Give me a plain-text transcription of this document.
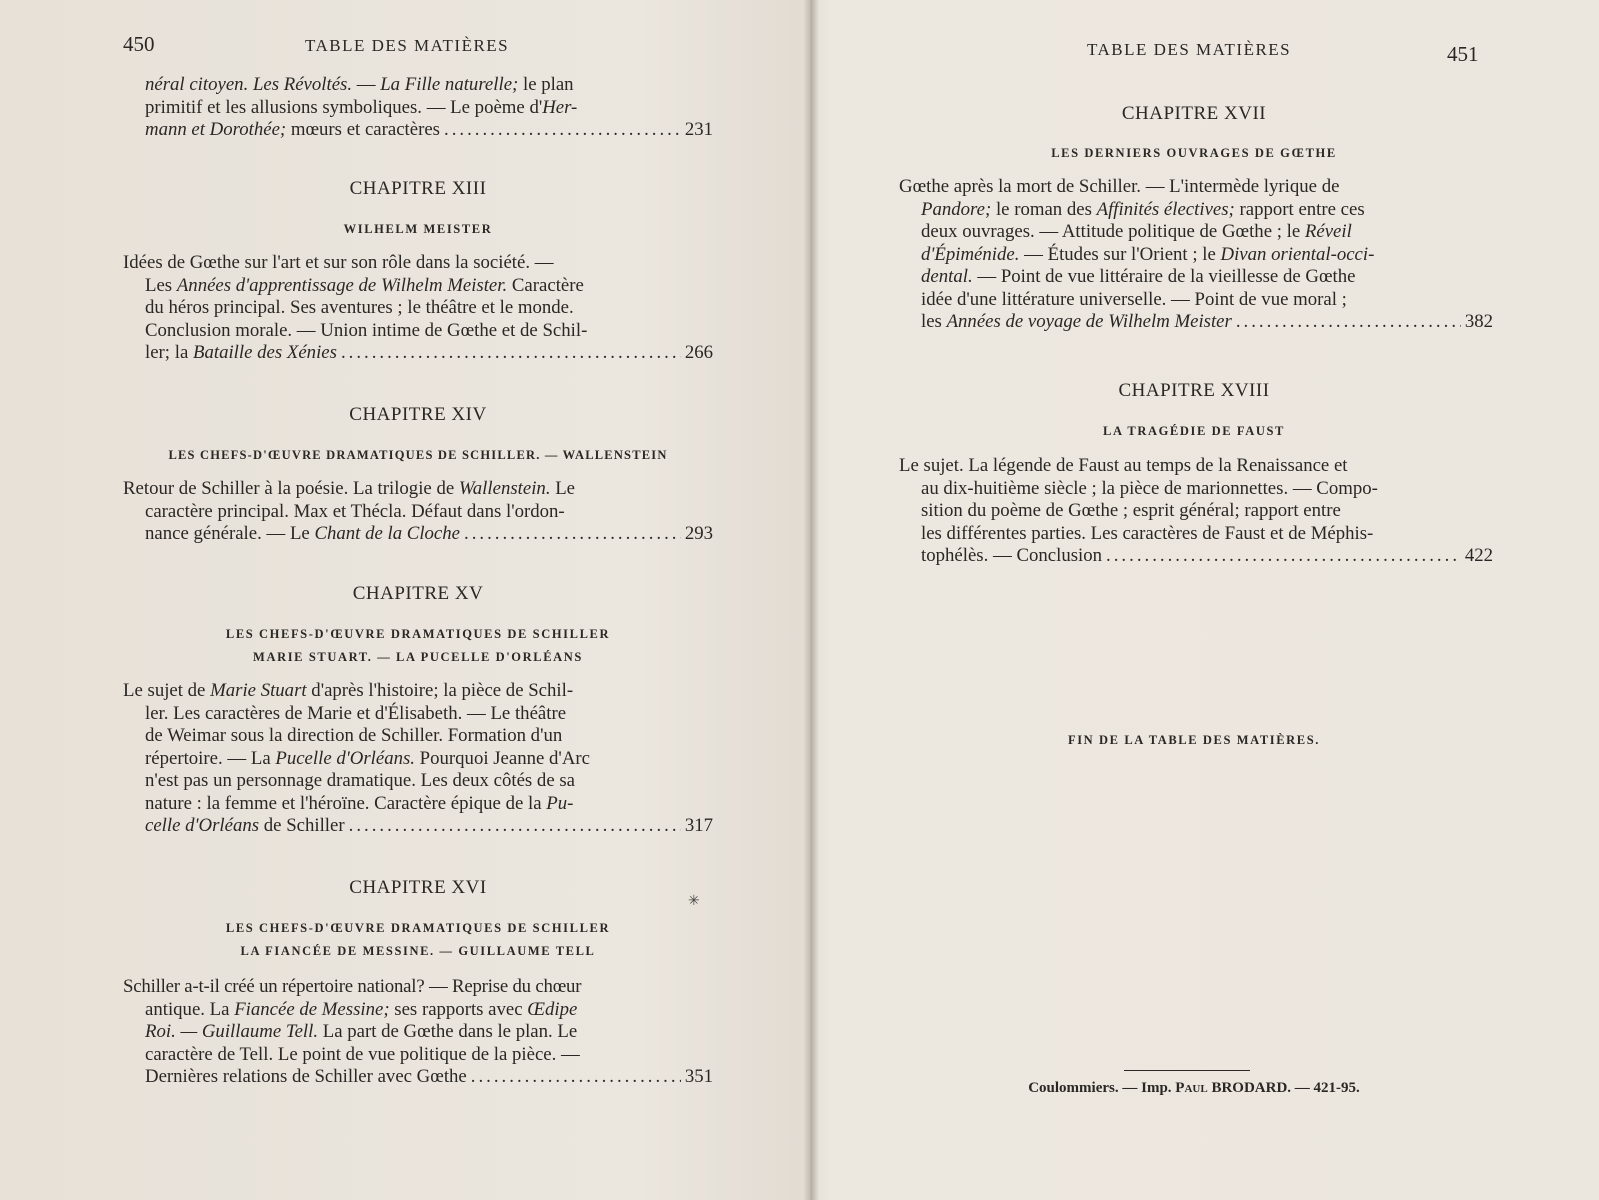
450	TABLE DES MATIÈRES
néral citoyen. Les Révoltés. — La Fille naturelle; le plan
primitif et les allusions symboliques. — Le poème d'Her-
mann et Dorothée; mœurs et caractères .....	231
CHAPITRE XIII
WILHELM MEISTER
Idées de Gœthe sur l'art et sur son rôle dans la société. —
Les Années d'apprentissage de Wilhelm Meister. Caractère
du héros principal. Ses aventures ; le théâtre et le monde.
Conclusion morale. — Union intime de Gœthe et de Schil-
ler; la Bataille des Xénies .....	266
CHAPITRE XIV
LES CHEFS-D'ŒUVRE DRAMATIQUES DE SCHILLER. — WALLENSTEIN
Retour de Schiller à la poésie. La trilogie de Wallenstein. Le
caractère principal. Max et Thécla. Défaut dans l'ordon-
nance générale. — Le Chant de la Cloche .....	293
CHAPITRE XV
LES CHEFS-D'ŒUVRE DRAMATIQUES DE SCHILLER
MARIE STUART. — LA PUCELLE D'ORLÉANS
Le sujet de Marie Stuart d'après l'histoire; la pièce de Schil-
ler. Les caractères de Marie et d'Élisabeth. — Le théâtre
de Weimar sous la direction de Schiller. Formation d'un
répertoire. — La Pucelle d'Orléans. Pourquoi Jeanne d'Arc
n'est pas un personnage dramatique. Les deux côtés de sa
nature : la femme et l'héroïne. Caractère épique de la Pu-
celle d'Orléans de Schiller .....	317
CHAPITRE XVI
LES CHEFS-D'ŒUVRE DRAMATIQUES DE SCHILLER
LA FIANCÉE DE MESSINE. — GUILLAUME TELL
✳
Schiller a-t-il créé un répertoire national? — Reprise du chœur
antique. La Fiancée de Messine; ses rapports avec Œdipe
Roi. — Guillaume Tell. La part de Gœthe dans le plan. Le
caractère de Tell. Le point de vue politique de la pièce. —
Dernières relations de Schiller avec Gœthe .....	351
TABLE DES MATIÈRES	451
CHAPITRE XVII
LES DERNIERS OUVRAGES DE GŒTHE
Gœthe après la mort de Schiller. — L'intermède lyrique de
Pandore; le roman des Affinités électives; rapport entre ces
deux ouvrages. — Attitude politique de Gœthe ; le Réveil
d'Épiménide. — Études sur l'Orient ; le Divan oriental-occi-
dental. — Point de vue littéraire de la vieillesse de Gœthe
idée d'une littérature universelle. — Point de vue moral ;
les Années de voyage de Wilhelm Meister .....	382
CHAPITRE XVIII
LA TRAGÉDIE DE FAUST
Le sujet. La légende de Faust au temps de la Renaissance et
au dix-huitième siècle ; la pièce de marionnettes. — Compo-
sition du poème de Gœthe ; esprit général; rapport entre
les différentes parties. Les caractères de Faust et de Méphis-
tophélès. — Conclusion .....	422
FIN DE LA TABLE DES MATIÈRES.
Coulommiers. — Imp. Paul BRODARD. — 421-95.
